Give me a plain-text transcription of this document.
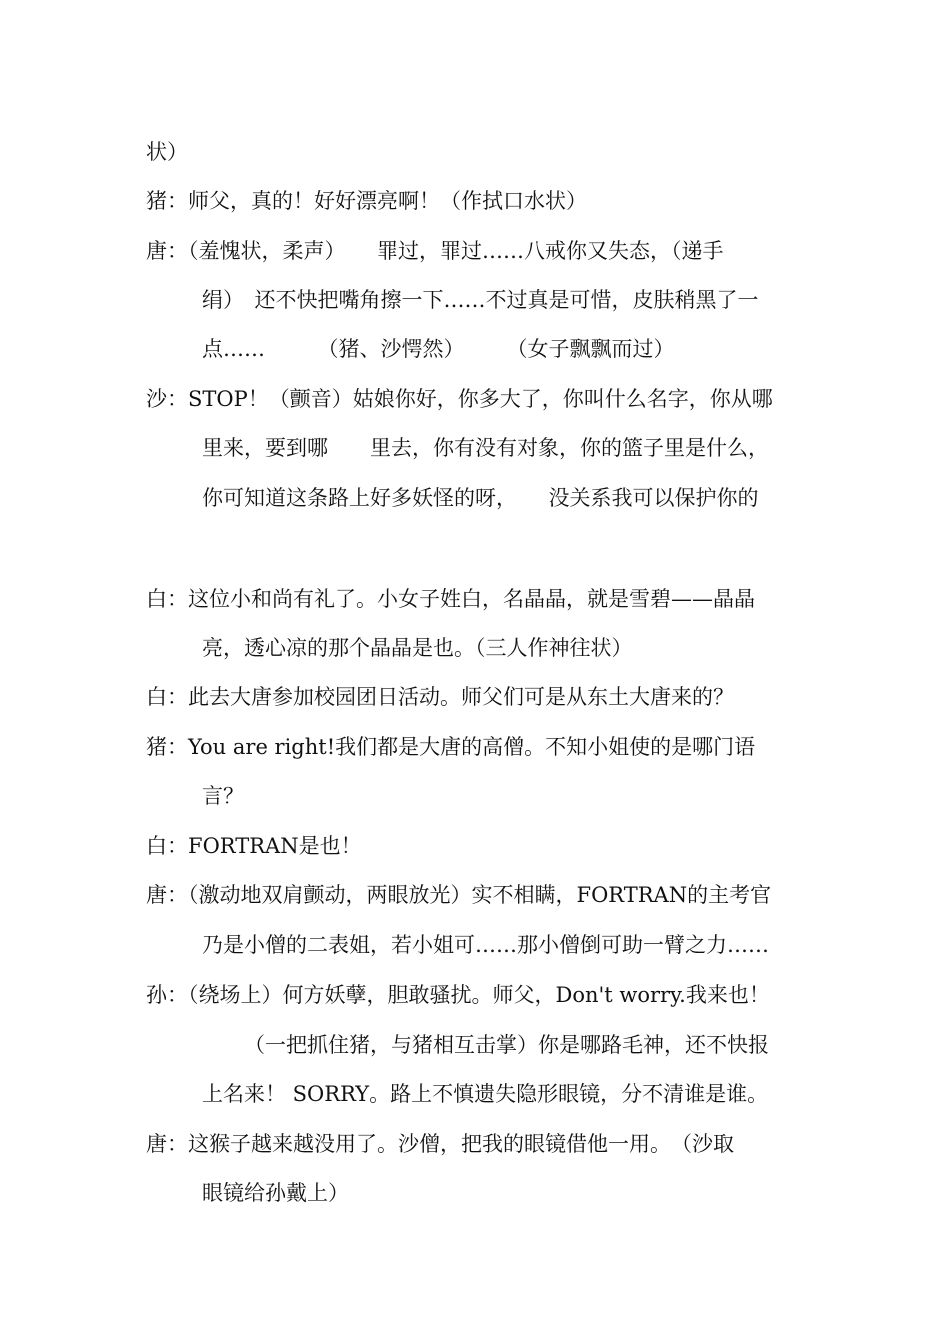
状）
猪：师父，真的！好好漂亮啊！（作拭口水状）
唐：（羞愧状，柔声）　　罪过，罪过……八戒你又失态，（递手
绢）　还不快把嘴角擦一下……不过真是可惜，皮肤稍黑了一
点……　　　（猪、沙愕然）　　　（女子飘飘而过）
沙：STOP！（颤音）姑娘你好，你多大了，你叫什么名字，你从哪
里来，要到哪　　里去，你有没有对象，你的篮子里是什么，
你可知道这条路上好多妖怪的呀，　　没关系我可以保护你的
白：这位小和尚有礼了。小女子姓白，名晶晶，就是雪碧——晶晶
亮，透心凉的那个晶晶是也。（三人作神往状）
白：此去大唐参加校园团日活动。师父们可是从东土大唐来的？
猪：You are right!我们都是大唐的高僧。不知小姐使的是哪门语
言？
白：FORTRAN是也！
唐：（激动地双肩颤动，两眼放光）实不相瞒，FORTRAN的主考官
乃是小僧的二表姐，若小姐可……那小僧倒可助一臂之力……
孙：（绕场上）何方妖孽，胆敢骚扰。师父，Don't worry.我来也！
（一把抓住猪，与猪相互击掌）你是哪路毛神，还不快报
上名来！ SORRY。路上不慎遗失隐形眼镜，分不清谁是谁。
唐：这猴子越来越没用了。沙僧，把我的眼镜借他一用。　（沙取
眼镜给孙戴上）
